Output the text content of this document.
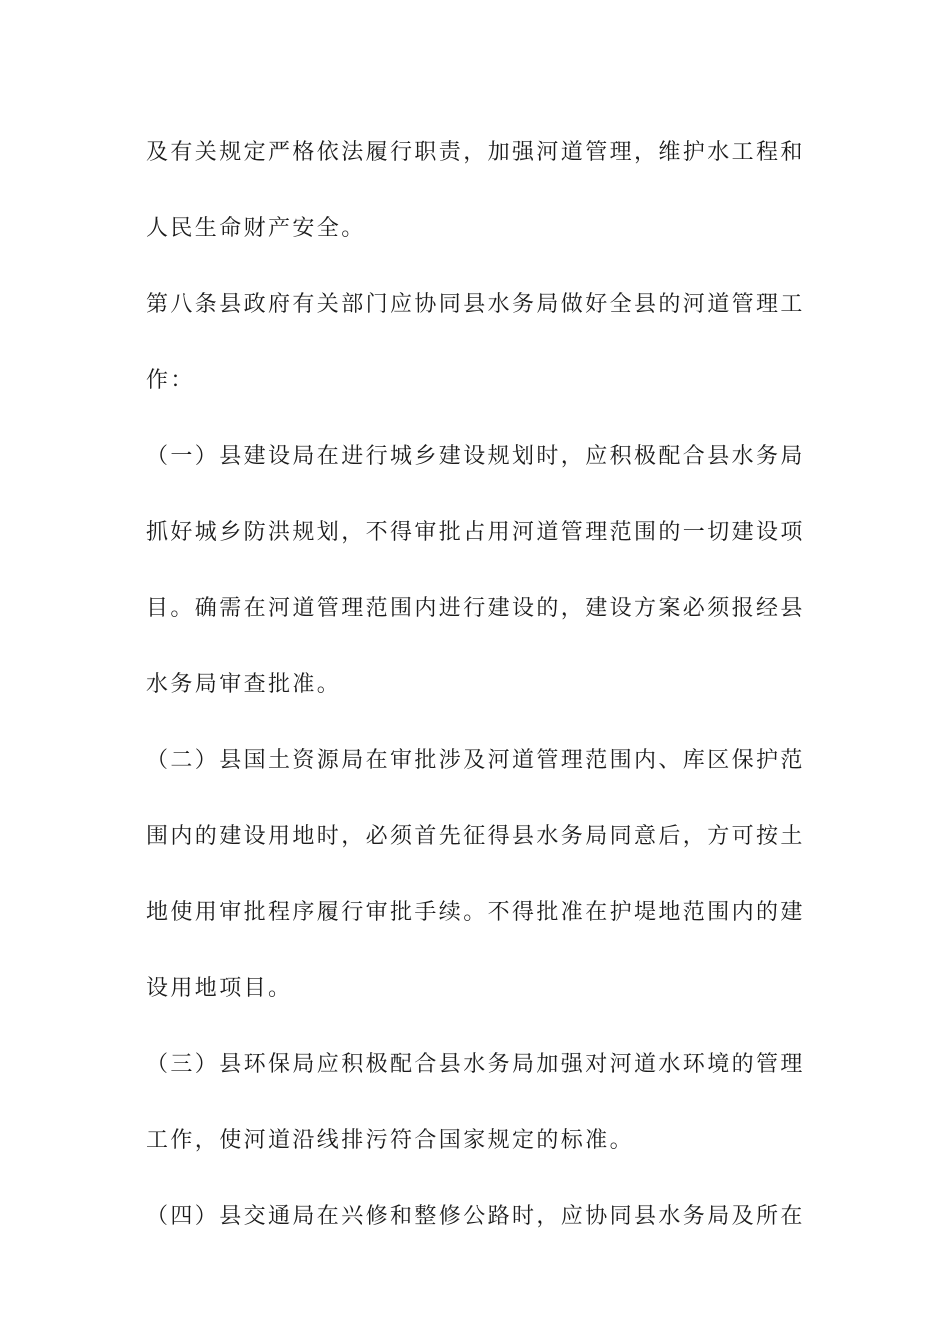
及有关规定严格依法履行职责，加强河道管理，维护水工程和
人民生命财产安全。
第八条县政府有关部门应协同县水务局做好全县的河道管理工
作：
（一）县建设局在进行城乡建设规划时，应积极配合县水务局
抓好城乡防洪规划，不得审批占用河道管理范围的一切建设项
目。确需在河道管理范围内进行建设的，建设方案必须报经县
水务局审查批准。
（二）县国土资源局在审批涉及河道管理范围内、库区保护范
围内的建设用地时，必须首先征得县水务局同意后，方可按土
地使用审批程序履行审批手续。不得批准在护堤地范围内的建
设用地项目。
（三）县环保局应积极配合县水务局加强对河道水环境的管理
工作，使河道沿线排污符合国家规定的标准。
（四）县交通局在兴修和整修公路时，应协同县水务局及所在
